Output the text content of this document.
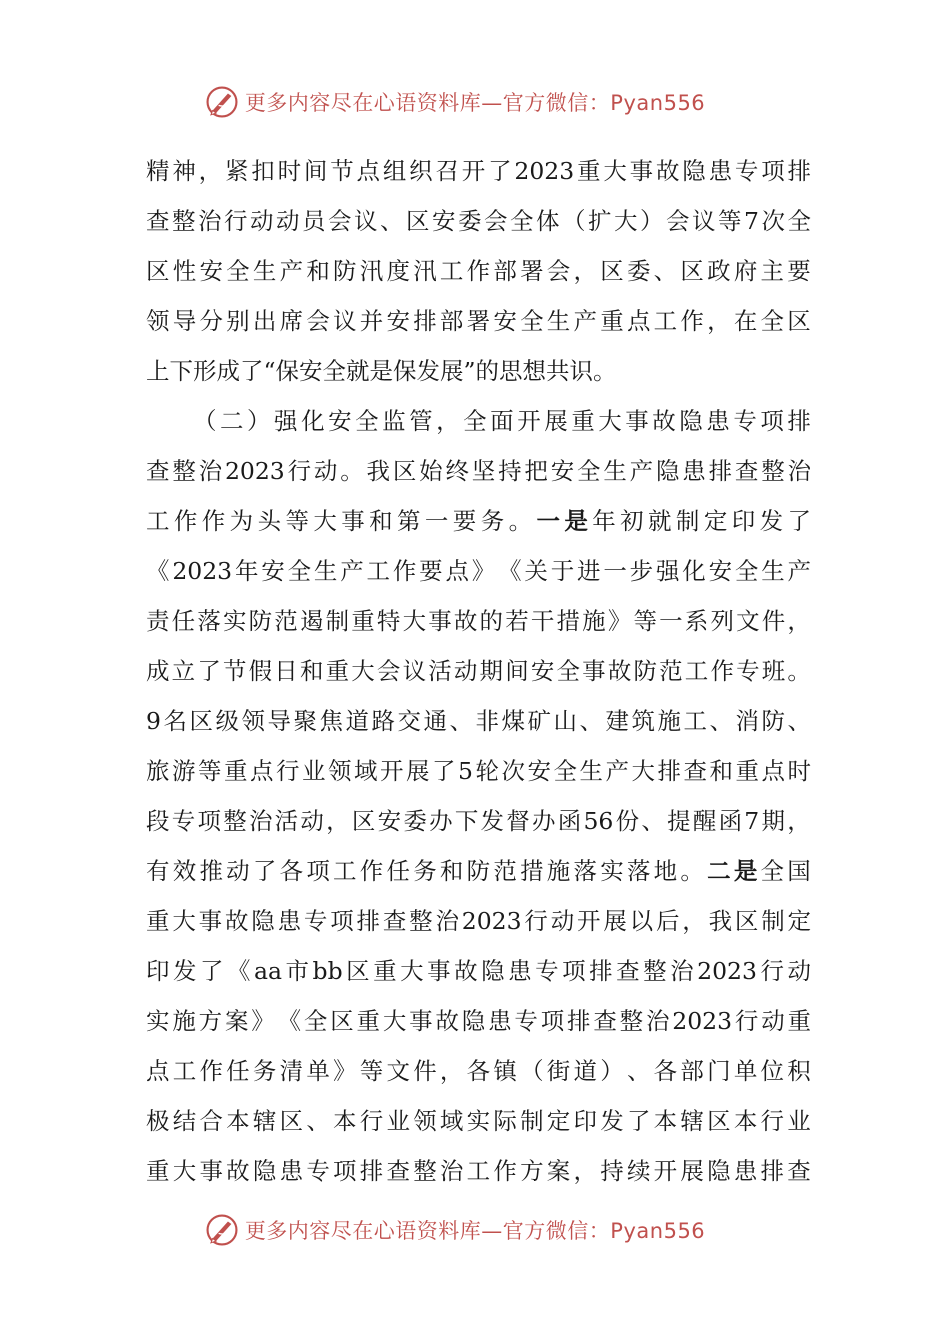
更多内容尽在心语资料库—官方微信：Pyan556
精 神 ， 紧 扣 时 间 节 点 组 织 召 开 了 2023 重 大 事 故 隐 患 专 项 排
查 整 治 行 动 动 员 会 议 、 区 安 委 会 全 体 （ 扩 大 ） 会 议 等 7 次 全
区 性 安 全 生 产 和 防 汛 度 汛 工 作 部 署 会 ， 区 委 、 区 政 府 主 要
领 导 分 别 出 席 会 议 并 安 排 部 署 安 全 生 产 重 点 工 作 ， 在 全 区
上 下 形 成 了 “ 保 安 全 就 是 保 发 展 ” 的 思 想 共 识 。
（ 二 ） 强 化 安 全 监 管 ， 全 面 开 展 重 大 事 故 隐 患 专 项 排
查 整 治 2023 行 动 。 我 区 始 终 坚 持 把 安 全 生 产 隐 患 排 查 整 治
工 作 作 为 头 等 大 事 和 第 一 要 务 。 一 是 年 初 就 制 定 印 发 了
《 2023 年 安 全 生 产 工 作 要 点 》 《 关 于 进 一 步 强 化 安 全 生 产
责 任 落 实 防 范 遏 制 重 特 大 事 故 的 若 干 措 施 》 等 一 系 列 文 件 ，
成 立 了 节 假 日 和 重 大 会 议 活 动 期 间 安 全 事 故 防 范 工 作 专 班 。
9 名 区 级 领 导 聚 焦 道 路 交 通 、 非 煤 矿 山 、 建 筑 施 工 、 消 防 、
旅 游 等 重 点 行 业 领 域 开 展 了 5 轮 次 安 全 生 产 大 排 查 和 重 点 时
段 专 项 整 治 活 动 ， 区 安 委 办 下 发 督 办 函 56 份 、 提 醒 函 7 期 ，
有 效 推 动 了 各 项 工 作 任 务 和 防 范 措 施 落 实 落 地 。 二 是 全 国
重 大 事 故 隐 患 专 项 排 查 整 治 2023 行 动 开 展 以 后 ， 我 区 制 定
印 发 了 《 aa 市 bb 区 重 大 事 故 隐 患 专 项 排 查 整 治 2023 行 动
实 施 方 案 》 《 全 区 重 大 事 故 隐 患 专 项 排 查 整 治 2023 行 动 重
点 工 作 任 务 清 单 》 等 文 件 ， 各 镇 （ 街 道 ） 、 各 部 门 单 位 积
极 结 合 本 辖 区 、 本 行 业 领 域 实 际 制 定 印 发 了 本 辖 区 本 行 业
重 大 事 故 隐 患 专 项 排 查 整 治 工 作 方 案 ， 持 续 开 展 隐 患 排 查
更多内容尽在心语资料库—官方微信：Pyan556
